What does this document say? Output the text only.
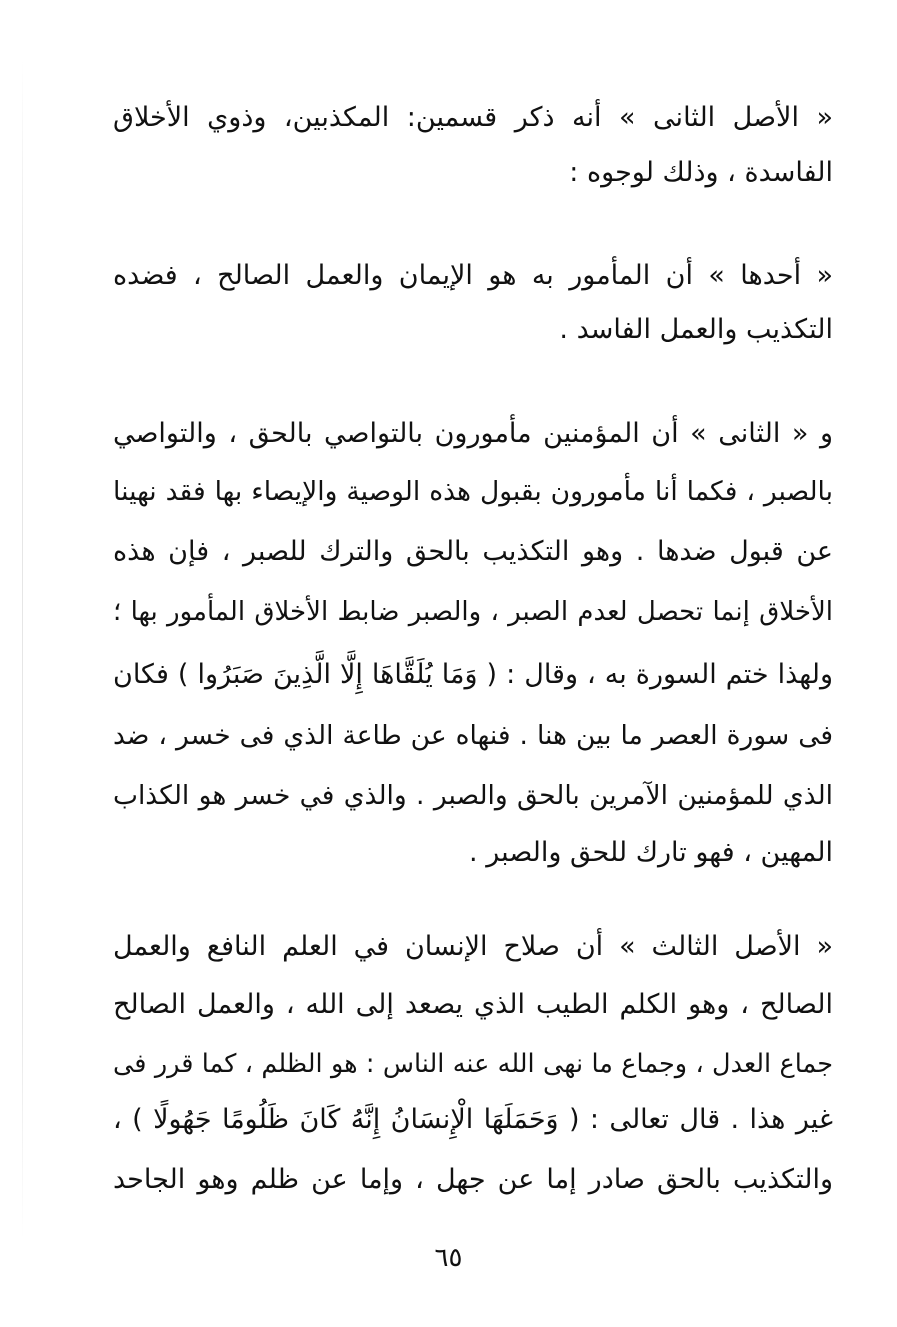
« الأصل الثانى » أنه ذكر قسمين: المكذبين، وذوي الأخلاق
الفاسدة ، وذلك لوجوه :
« أحدها » أن المأمور به هو الإيمان والعمل الصالح ، فضده
التكذيب والعمل الفاسد .
و « الثانى » أن المؤمنين مأمورون بالتواصي بالحق ، والتواصي
بالصبر ، فكما أنا مأمورون بقبول هذه الوصية والإيصاء بها فقد نهينا
عن قبول ضدها . وهو التكذيب بالحق والترك للصبر ، فإن هذه
الأخلاق إنما تحصل لعدم الصبر ، والصبر ضابط الأخلاق المأمور بها ؛
ولهذا ختم السورة به ، وقال : ( وَمَا يُلَقَّاهَا إِلَّا الَّذِينَ صَبَرُوا ) فكان
فى سورة العصر ما بين هنا . فنهاه عن طاعة الذي فى خسر ، ضد
الذي للمؤمنين الآمرين بالحق والصبر . والذي في خسر هو الكذاب
المهين ، فهو تارك للحق والصبر .
« الأصل الثالث » أن صلاح الإنسان في العلم النافع والعمل
الصالح ، وهو الكلم الطيب الذي يصعد إلى الله ، والعمل الصالح
جماع العدل ، وجماع ما نهى الله عنه الناس : هو الظلم ، كما قرر فى
غير هذا . قال تعالى : ( وَحَمَلَهَا الْإِنسَانُ إِنَّهُ كَانَ ظَلُومًا جَهُولًا ) ،
والتكذيب بالحق صادر إما عن جهل ، وإما عن ظلم وهو الجاحد
٦٥
